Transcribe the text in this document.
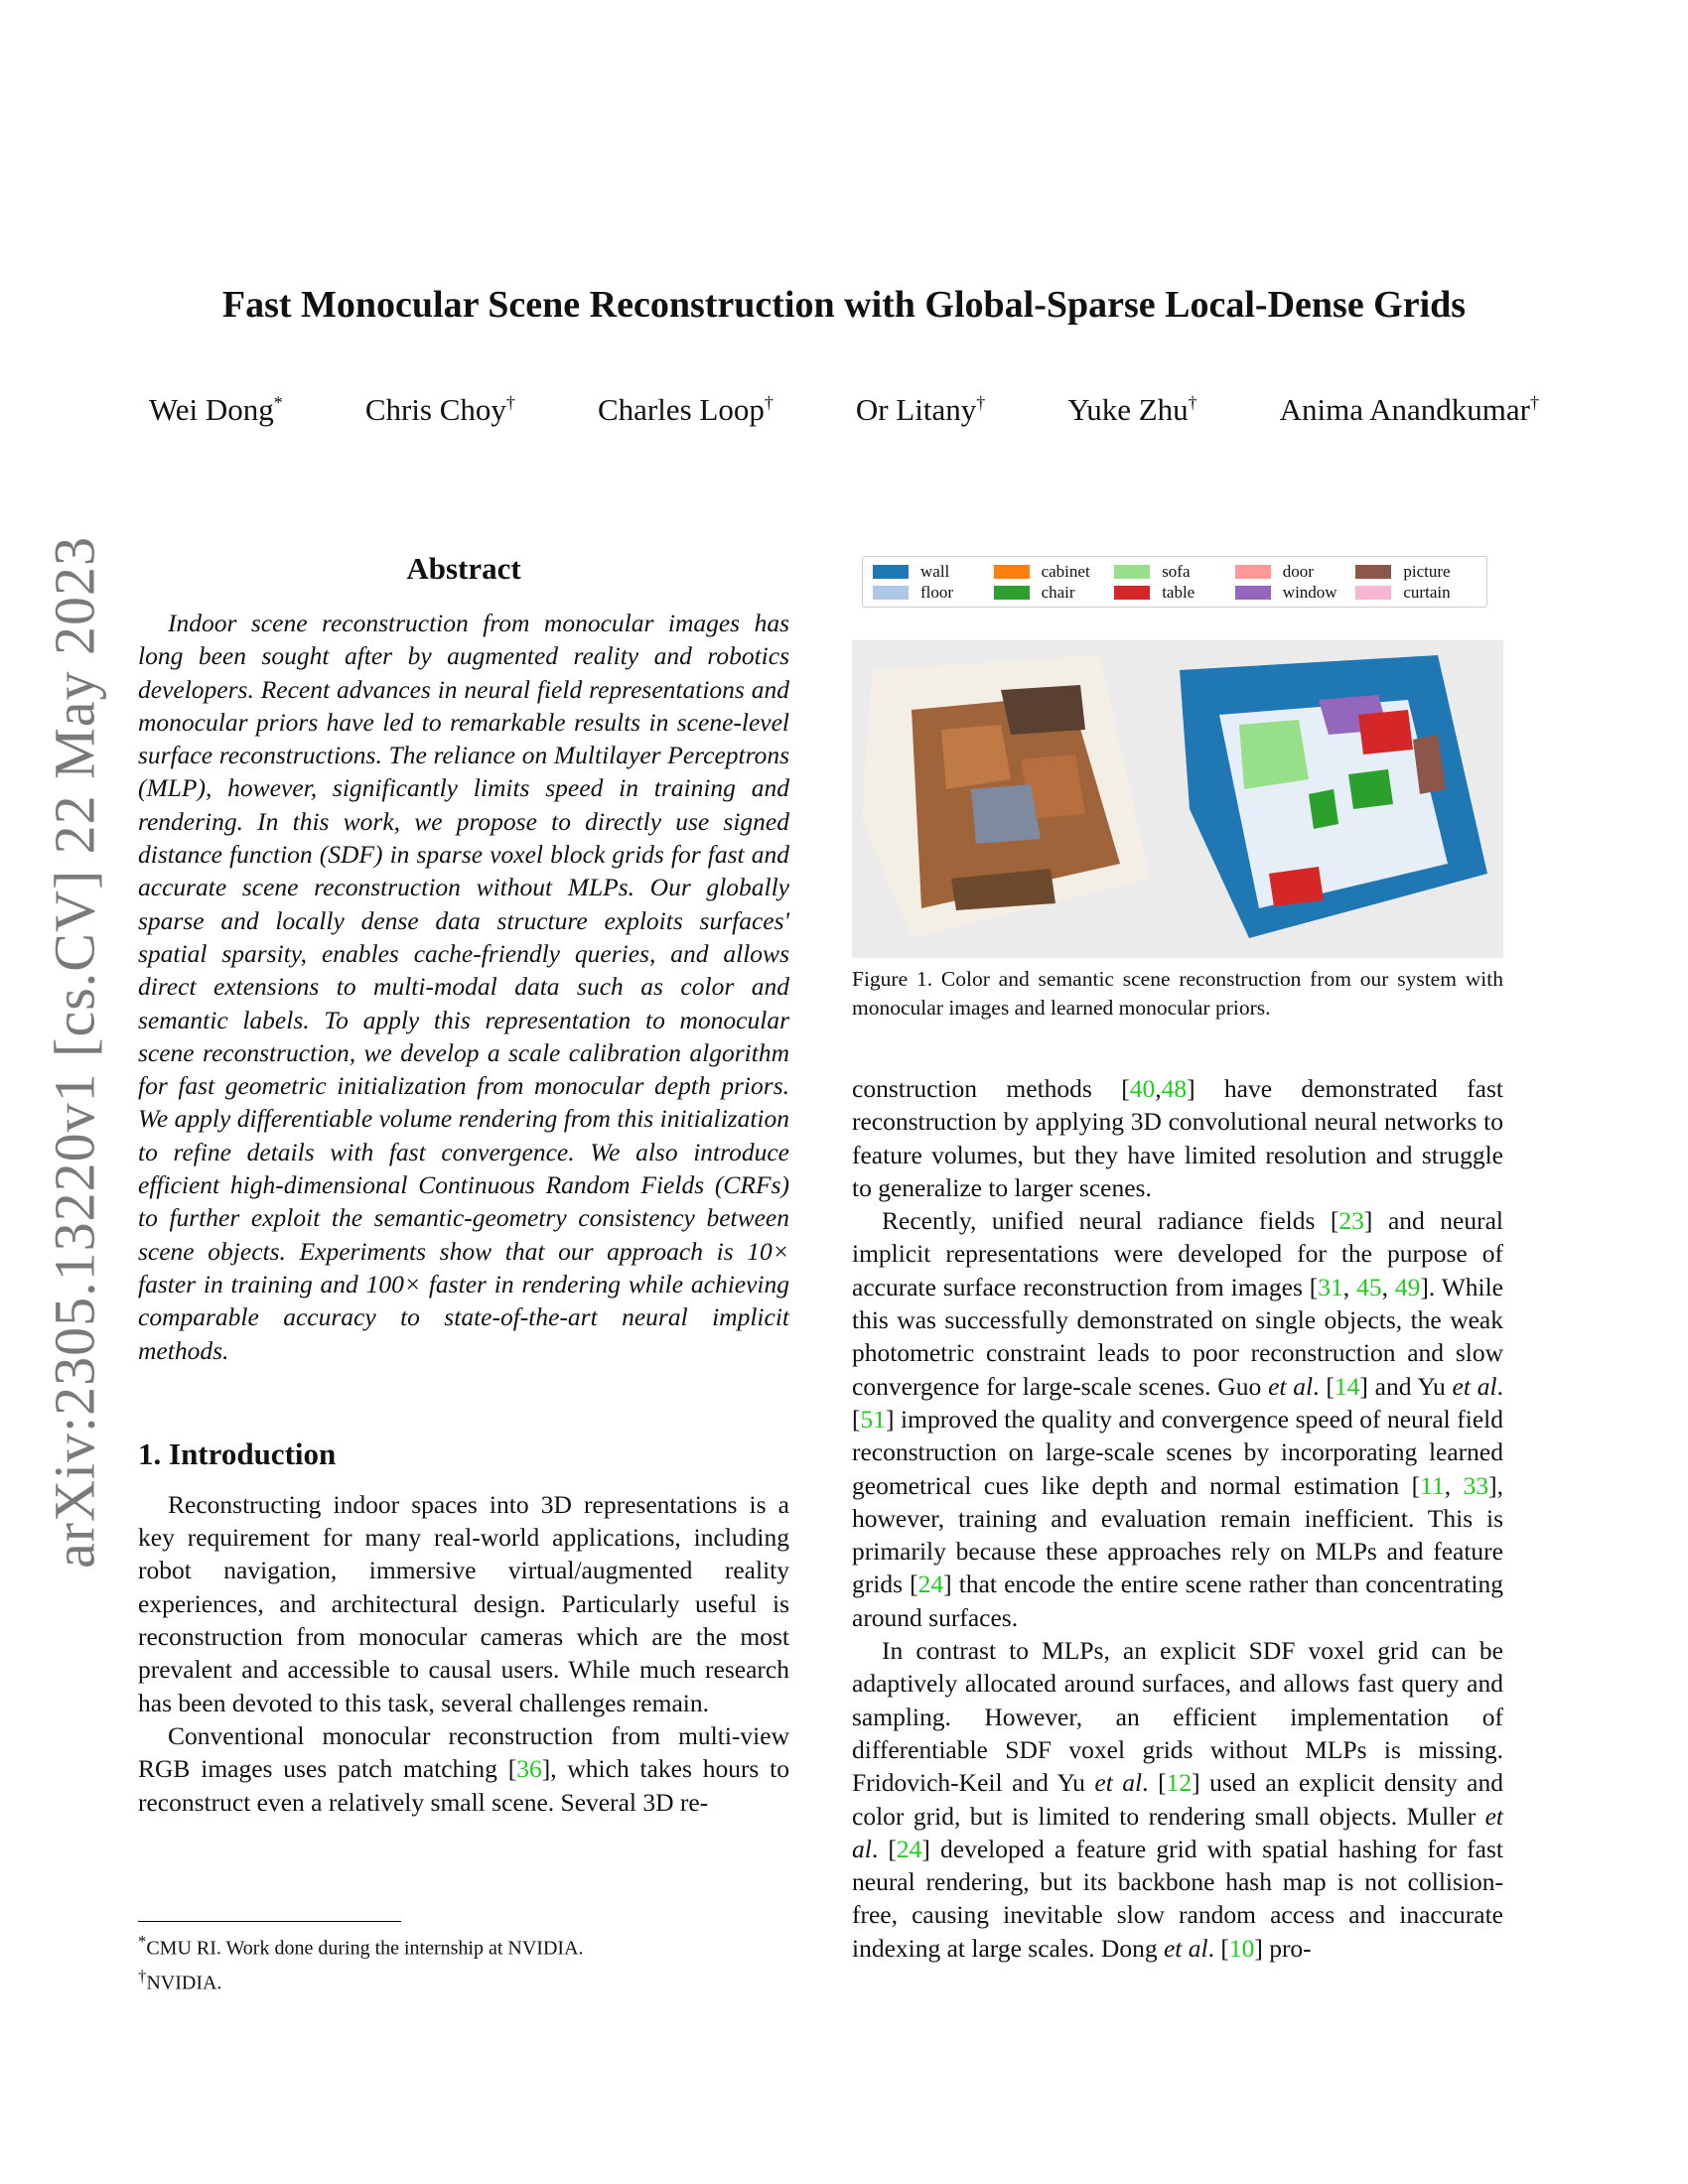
arXiv:2305.13220v1 [cs.CV] 22 May 2023
Fast Monocular Scene Reconstruction with Global-Sparse Local-Dense Grids
Wei Dong*	Chris Choy†	Charles Loop†	Or Litany†	Yuke Zhu†	Anima Anandkumar†
Abstract

Indoor scene reconstruction from monocular images has long been sought after by augmented reality and robotics developers. Recent advances in neural field representations and monocular priors have led to remarkable results in scene-level surface reconstructions. The reliance on Multilayer Perceptrons (MLP), however, significantly limits speed in training and rendering. In this work, we propose to directly use signed distance function (SDF) in sparse voxel block grids for fast and accurate scene reconstruction without MLPs. Our globally sparse and locally dense data structure exploits surfaces' spatial sparsity, enables cache-friendly queries, and allows direct extensions to multi-modal data such as color and semantic labels. To apply this representation to monocular scene reconstruction, we develop a scale calibration algorithm for fast geometric initialization from monocular depth priors. We apply differentiable volume rendering from this initialization to refine details with fast convergence. We also introduce efficient high-dimensional Continuous Random Fields (CRFs) to further exploit the semantic-geometry consistency between scene objects. Experiments show that our approach is 10× faster in training and 100× faster in rendering while achieving comparable accuracy to state-of-the-art neural implicit methods.

1. Introduction

Reconstructing indoor spaces into 3D representations is a key requirement for many real-world applications, including robot navigation, immersive virtual/augmented reality experiences, and architectural design. Particularly useful is reconstruction from monocular cameras which are the most prevalent and accessible to causal users. While much research has been devoted to this task, several challenges remain.

Conventional monocular reconstruction from multi-view RGB images uses patch matching [36], which takes hours to reconstruct even a relatively small scene. Several 3D re-

wall	cabinet	sofa	door	picture
floor	chair	table	window	curtain
Figure 1. Color and semantic scene reconstruction from our system with monocular images and learned monocular priors.

construction methods [40,48] have demonstrated fast reconstruction by applying 3D convolutional neural networks to feature volumes, but they have limited resolution and struggle to generalize to larger scenes.

Recently, unified neural radiance fields [23] and neural implicit representations were developed for the purpose of accurate surface reconstruction from images [31, 45, 49]. While this was successfully demonstrated on single objects, the weak photometric constraint leads to poor reconstruction and slow convergence for large-scale scenes. Guo et al. [14] and Yu et al. [51] improved the quality and convergence speed of neural field reconstruction on large-scale scenes by incorporating learned geometrical cues like depth and normal estimation [11, 33], however, training and evaluation remain inefficient. This is primarily because these approaches rely on MLPs and feature grids [24] that encode the entire scene rather than concentrating around surfaces.

In contrast to MLPs, an explicit SDF voxel grid can be adaptively allocated around surfaces, and allows fast query and sampling. However, an efficient implementation of differentiable SDF voxel grids without MLPs is missing. Fridovich-Keil and Yu et al. [12] used an explicit density and color grid, but is limited to rendering small objects. Muller et al. [24] developed a feature grid with spatial hashing for fast neural rendering, but its backbone hash map is not collision-free, causing inevitable slow random access and inaccurate indexing at large scales. Dong et al. [10] pro-

*CMU RI. Work done during the internship at NVIDIA.
†NVIDIA.
